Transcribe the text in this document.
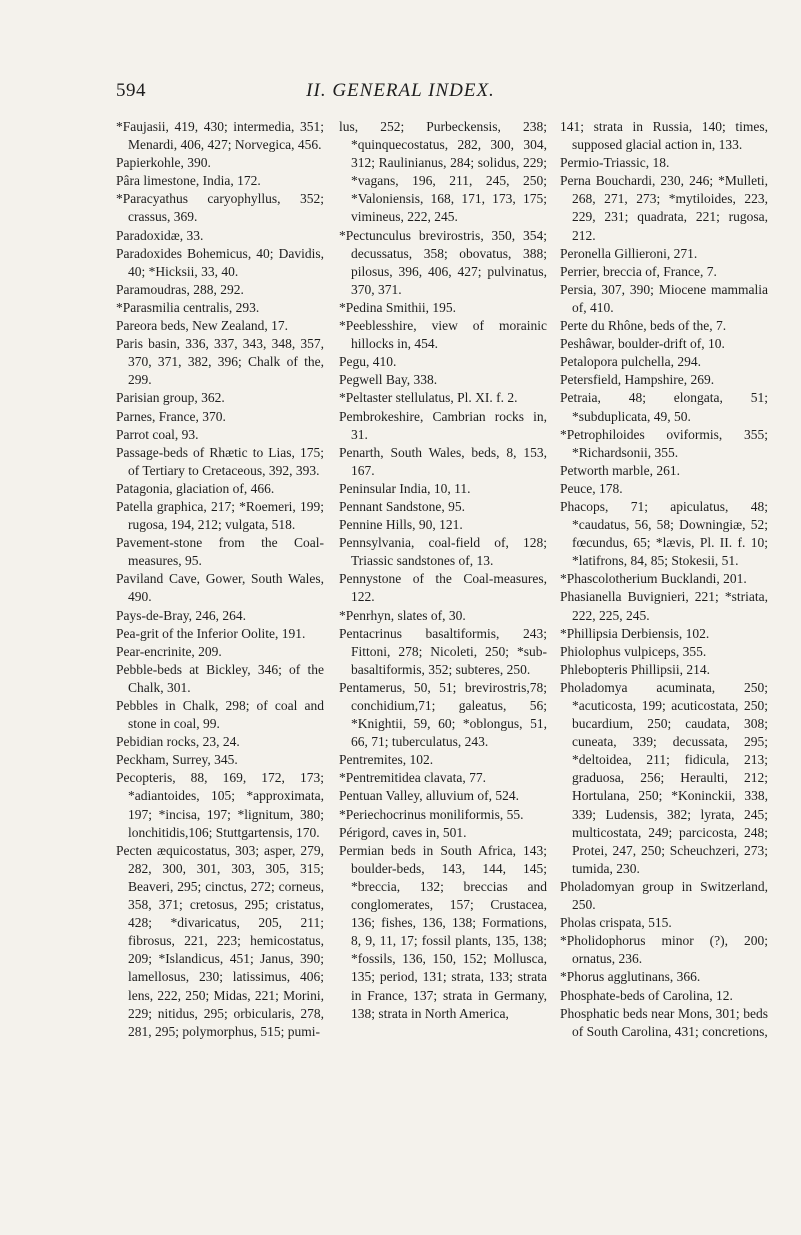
594	II. GENERAL INDEX.

*Faujasii, 419, 430; intermedia, 351; Menardi, 406, 427; Norvegica, 456.

Papierkohle, 390.

Pâra limestone, India, 172.

*Paracyathus caryophyllus, 352; crassus, 369.

Paradoxidæ, 33.

Paradoxides Bohemicus, 40; Davidis, 40; *Hicksii, 33, 40.

Paramoudras, 288, 292.

*Parasmilia centralis, 293.

Pareora beds, New Zealand, 17.

Paris basin, 336, 337, 343, 348, 357, 370, 371, 382, 396; Chalk of the, 299.

Parisian group, 362.

Parnes, France, 370.

Parrot coal, 93.

Passage-beds of Rhætic to Lias, 175; of Tertiary to Cretaceous, 392, 393.

Patagonia, glaciation of, 466.

Patella graphica, 217; *Roemeri, 199; rugosa, 194, 212; vulgata, 518.

Pavement-stone from the Coal-measures, 95.

Paviland Cave, Gower, South Wales, 490.

Pays-de-Bray, 246, 264.

Pea-grit of the Inferior Oolite, 191.

Pear-encrinite, 209.

Pebble-beds at Bickley, 346; of the Chalk, 301.

Pebbles in Chalk, 298; of coal and stone in coal, 99.

Pebidian rocks, 23, 24.

Peckham, Surrey, 345.

Pecopteris, 88, 169, 172, 173; *adiantoides, 105; *approximata, 197; *incisa, 197; *lignitum, 380; lonchitidis,106; Stuttgartensis, 170.

Pecten æquicostatus, 303; asper, 279, 282, 300, 301, 303, 305, 315; Beaveri, 295; cinctus, 272; corneus, 358, 371; cretosus, 295; cristatus, 428; *divaricatus, 205, 211; fibrosus, 221, 223; hemicostatus, 209; *Islandicus, 451; Janus, 390; lamellosus, 230; latissimus, 406; lens, 222, 250; Midas, 221; Morini, 229; nitidus, 295; orbicularis, 278, 281, 295; polymorphus, 515; pumi-

lus, 252; Purbeckensis, 238; *quinquecostatus, 282, 300, 304, 312; Raulinianus, 284; solidus, 229; *vagans, 196, 211, 245, 250; *Valoniensis, 168, 171, 173, 175; vimineus, 222, 245.

*Pectunculus brevirostris, 350, 354; decussatus, 358; obovatus, 388; pilosus, 396, 406, 427; pulvinatus, 370, 371.

*Pedina Smithii, 195.

*Peeblesshire, view of morainic hillocks in, 454.

Pegu, 410.

Pegwell Bay, 338.

*Peltaster stellulatus, Pl. XI. f. 2.

Pembrokeshire, Cambrian rocks in, 31.

Penarth, South Wales, beds, 8, 153, 167.

Peninsular India, 10, 11.

Pennant Sandstone, 95.

Pennine Hills, 90, 121.

Pennsylvania, coal-field of, 128; Triassic sandstones of, 13.

Pennystone of the Coal-measures, 122.

*Penrhyn, slates of, 30.

Pentacrinus basaltiformis, 243; Fittoni, 278; Nicoleti, 250; *sub-basaltiformis, 352; subteres, 250.

Pentamerus, 50, 51; brevirostris,78; conchidium,71; galeatus, 56; *Knightii, 59, 60; *oblongus, 51, 66, 71; tuberculatus, 243.

Pentremites, 102.

*Pentremitidea clavata, 77.

Pentuan Valley, alluvium of, 524.

*Periechocrinus moniliformis, 55.

Périgord, caves in, 501.

Permian beds in South Africa, 143; boulder-beds, 143, 144, 145; *breccia, 132; breccias and conglomerates, 157; Crustacea, 136; fishes, 136, 138; Formations, 8, 9, 11, 17; fossil plants, 135, 138; *fossils, 136, 150, 152; Mollusca, 135; period, 131; strata, 133; strata in France, 137; strata in Germany, 138; strata in North America,

141; strata in Russia, 140; times, supposed glacial action in, 133.

Permio-Triassic, 18.

Perna Bouchardi, 230, 246; *Mulleti, 268, 271, 273; *mytiloides, 223, 229, 231; quadrata, 221; rugosa, 212.

Peronella Gillieroni, 271.

Perrier, breccia of, France, 7.

Persia, 307, 390; Miocene mammalia of, 410.

Perte du Rhône, beds of the, 7.

Peshâwar, boulder-drift of, 10.

Petalopora pulchella, 294.

Petersfield, Hampshire, 269.

Petraia, 48; elongata, 51; *subduplicata, 49, 50.

*Petrophiloides oviformis, 355; *Richardsonii, 355.

Petworth marble, 261.

Peuce, 178.

Phacops, 71; apiculatus, 48; *caudatus, 56, 58; Downingiæ, 52; fœcundus, 65; *lævis, Pl. II. f. 10; *latifrons, 84, 85; Stokesii, 51.

*Phascolotherium Bucklandi, 201.

Phasianella Buvignieri, 221; *striata, 222, 225, 245.

*Phillipsia Derbiensis, 102.

Phiolophus vulpiceps, 355.

Phlebopteris Phillipsii, 214.

Pholadomya acuminata, 250; *acuticosta, 199; acuticostata, 250; bucardium, 250; caudata, 308; cuneata, 339; decussata, 295; *deltoidea, 211; fidicula, 213; graduosa, 256; Heraulti, 212; Hortulana, 250; *Koninckii, 338, 339; Ludensis, 382; lyrata, 245; multicostata, 249; parcicosta, 248; Protei, 247, 250; Scheuchzeri, 273; tumida, 230.

Pholadomyan group in Switzerland, 250.

Pholas crispata, 515.

*Pholidophorus minor (?), 200; ornatus, 236.

*Phorus agglutinans, 366.

Phosphate-beds of Carolina, 12.

Phosphatic beds near Mons, 301; beds of South Carolina, 431; concretions,
